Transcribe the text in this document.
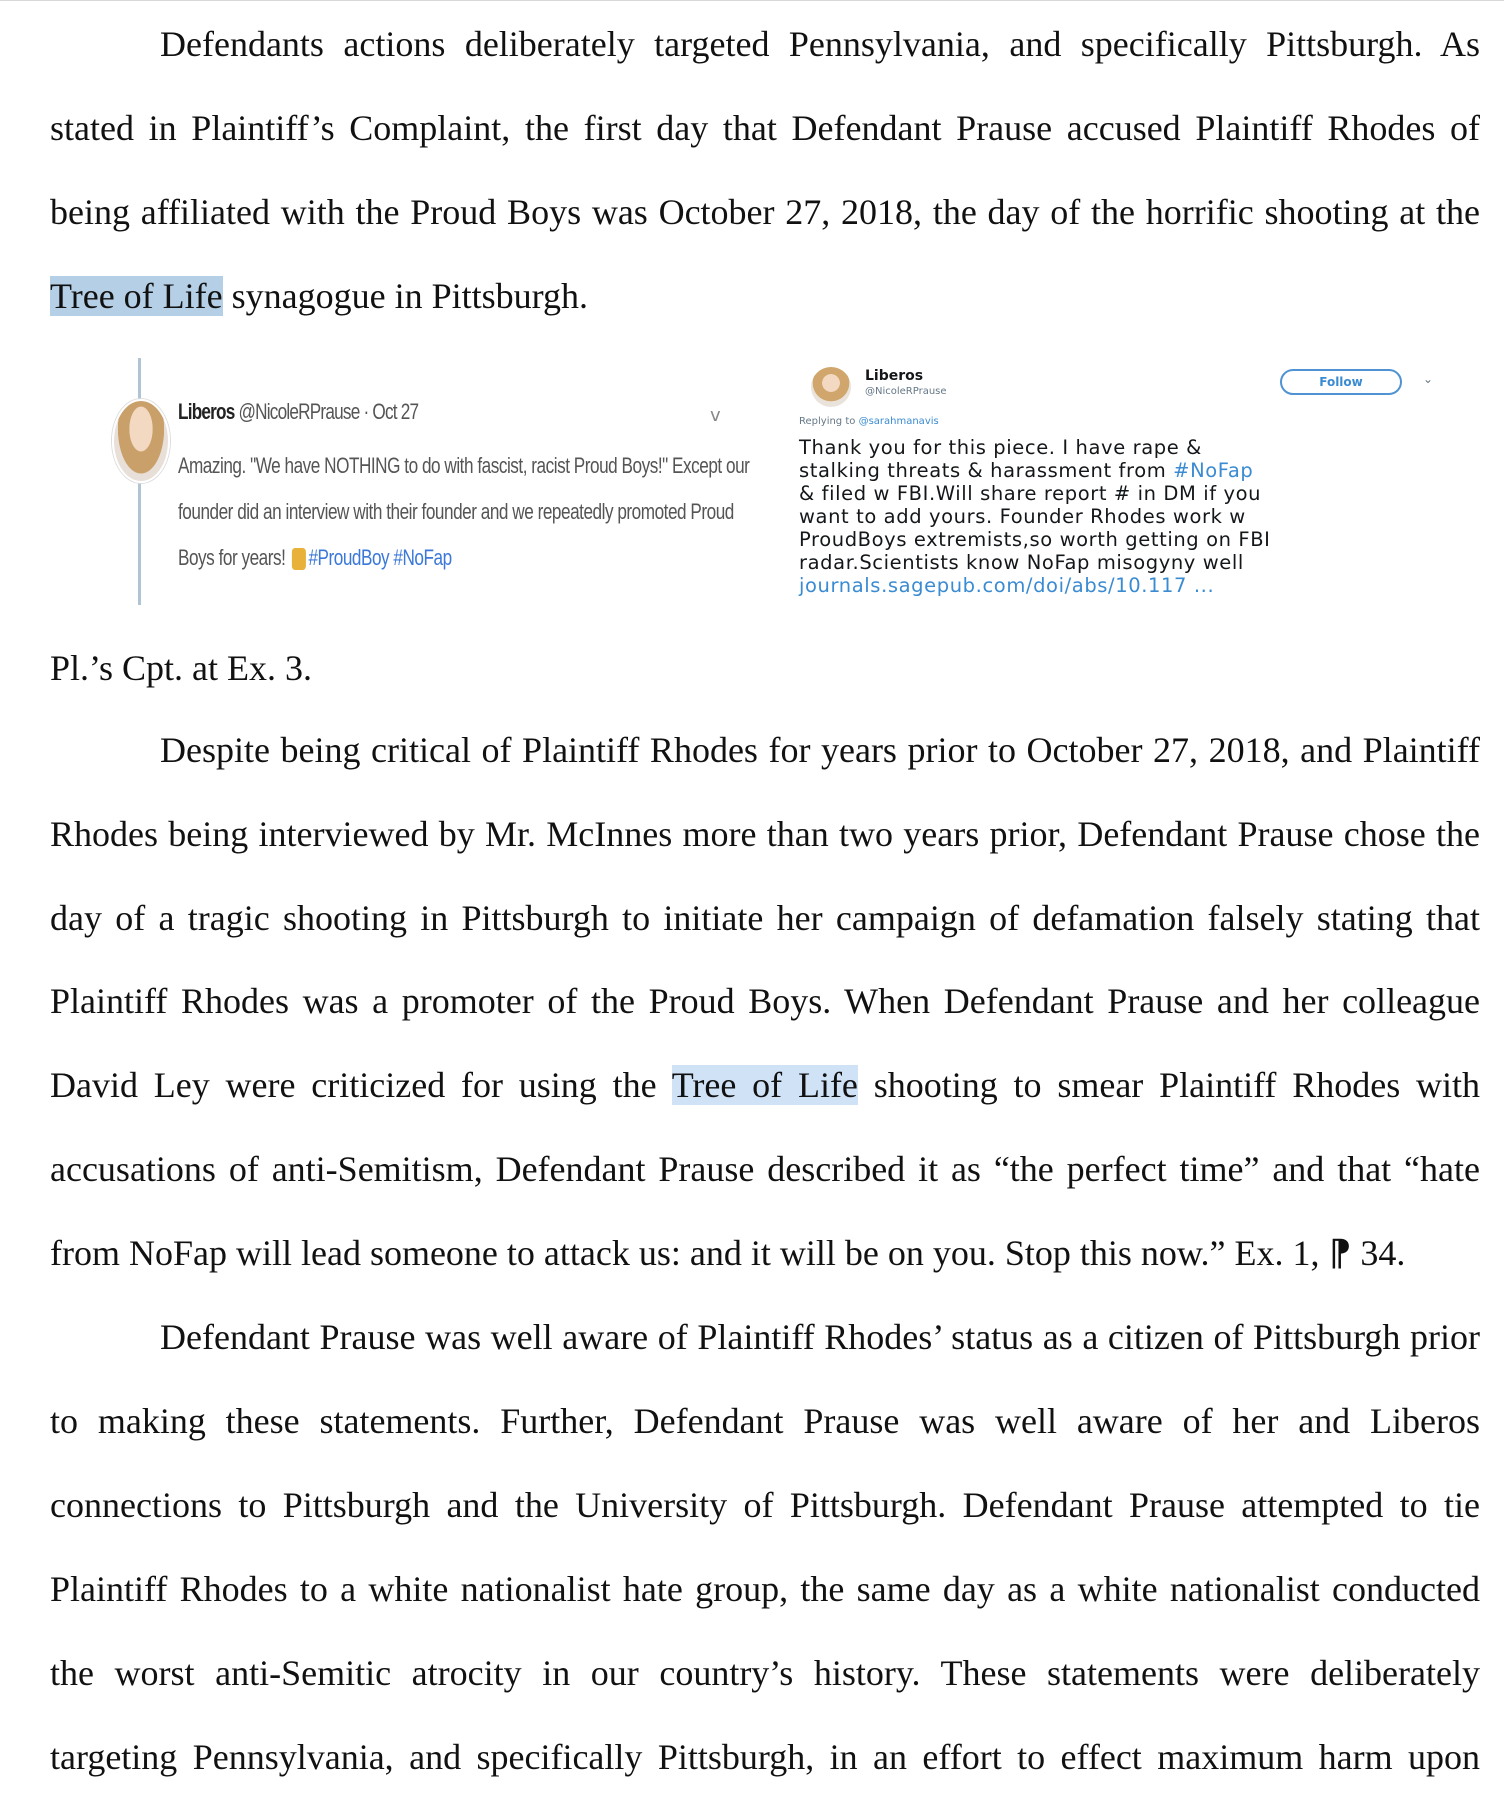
Defendants actions deliberately targeted Pennsylvania, and specifically Pittsburgh. As
stated in Plaintiff’s Complaint, the first day that Defendant Prause accused Plaintiff Rhodes of
being affiliated with the Proud Boys was October 27, 2018, the day of the horrific shooting at the
Tree of Life synagogue in Pittsburgh.
Liberos @NicoleRPrause · Oct 27	v
Amazing. "We have NOTHING to do with fascist, racist Proud Boys!" Except our
founder did an interview with their founder and we repeatedly promoted Proud
Boys for years! #ProudBoy #NoFap
Liberos
@NicoleRPrause
Follow	⌄
Replying to @sarahmanavis
Thank you for this piece. I have rape &
stalking threats & harassment from #NoFap
& filed w FBI.Will share report # in DM if you
want to add yours. Founder Rhodes work w
ProudBoys extremists,so worth getting on FBI
radar.Scientists know NoFap misogyny well
journals.sagepub.com/doi/abs/10.117 ...
Pl.’s Cpt. at Ex. 3.
Despite being critical of Plaintiff Rhodes for years prior to October 27, 2018, and Plaintiff
Rhodes being interviewed by Mr. McInnes more than two years prior, Defendant Prause chose the
day of a tragic shooting in Pittsburgh to initiate her campaign of defamation falsely stating that
Plaintiff Rhodes was a promoter of the Proud Boys. When Defendant Prause and her colleague
David Ley were criticized for using the Tree of Life shooting to smear Plaintiff Rhodes with
accusations of anti-Semitism, Defendant Prause described it as “the perfect time” and that “hate
from NoFap will lead someone to attack us: and it will be on you. Stop this now.” Ex. 1, ⁋ 34.
Defendant Prause was well aware of Plaintiff Rhodes’ status as a citizen of Pittsburgh prior
to making these statements. Further, Defendant Prause was well aware of her and Liberos
connections to Pittsburgh and the University of Pittsburgh. Defendant Prause attempted to tie
Plaintiff Rhodes to a white nationalist hate group, the same day as a white nationalist conducted
the worst anti-Semitic atrocity in our country’s history. These statements were deliberately
targeting Pennsylvania, and specifically Pittsburgh, in an effort to effect maximum harm upon
